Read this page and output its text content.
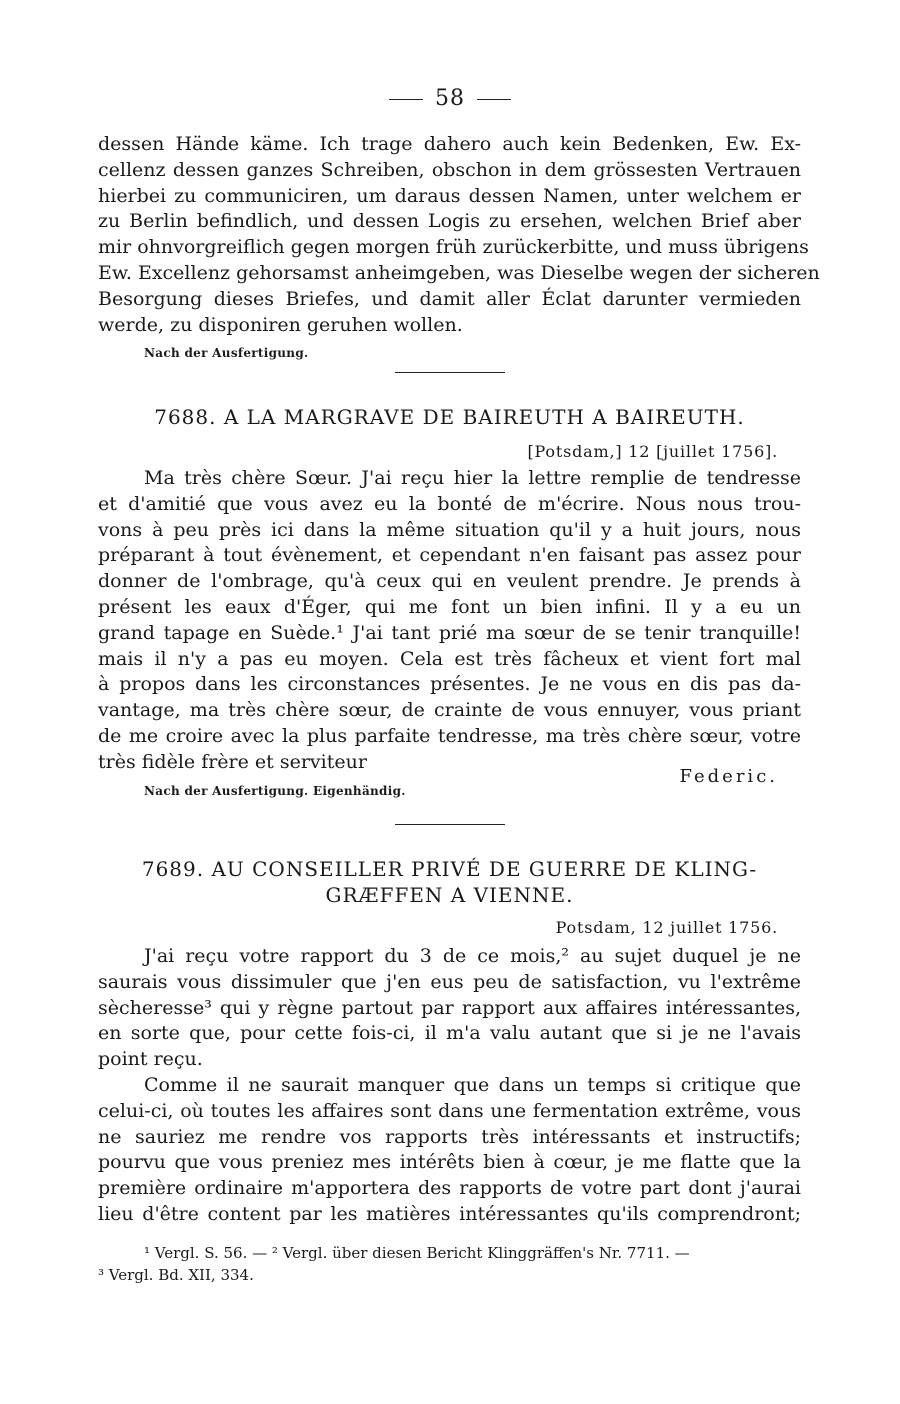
58
dessen Hände käme. Ich trage dahero auch kein Bedenken, Ew. Ex-
cellenz dessen ganzes Schreiben, obschon in dem grössesten Vertrauen
hierbei zu communiciren, um daraus dessen Namen, unter welchem er
zu Berlin befindlich, und dessen Logis zu ersehen, welchen Brief aber
mir ohnvorgreiflich gegen morgen früh zurückerbitte, und muss übrigens
Ew. Excellenz gehorsamst anheimgeben, was Dieselbe wegen der sicheren
Besorgung dieses Briefes, und damit aller Éclat darunter vermieden
werde, zu disponiren geruhen wollen.
Nach der Ausfertigung.
7688. A LA MARGRAVE DE BAIREUTH A BAIREUTH.
[Potsdam,] 12 [juillet 1756].
Ma très chère Sœur. J'ai reçu hier la lettre remplie de tendresse
et d'amitié que vous avez eu la bonté de m'écrire. Nous nous trou-
vons à peu près ici dans la même situation qu'il y a huit jours, nous
préparant à tout évènement, et cependant n'en faisant pas assez pour
donner de l'ombrage, qu'à ceux qui en veulent prendre. Je prends à
présent les eaux d'Éger, qui me font un bien infini. Il y a eu un
grand tapage en Suède.¹ J'ai tant prié ma sœur de se tenir tranquille!
mais il n'y a pas eu moyen. Cela est très fâcheux et vient fort mal
à propos dans les circonstances présentes. Je ne vous en dis pas da-
vantage, ma très chère sœur, de crainte de vous ennuyer, vous priant
de me croire avec la plus parfaite tendresse, ma très chère sœur, votre
très fidèle frère et serviteur
Federic.
Nach der Ausfertigung. Eigenhändig.
7689. AU CONSEILLER PRIVÉ DE GUERRE DE KLING-
GRÆFFEN A VIENNE.
Potsdam, 12 juillet 1756.
J'ai reçu votre rapport du 3 de ce mois,² au sujet duquel je ne
saurais vous dissimuler que j'en eus peu de satisfaction, vu l'extrême
sècheresse³ qui y règne partout par rapport aux affaires intéressantes,
en sorte que, pour cette fois-ci, il m'a valu autant que si je ne l'avais
point reçu.
Comme il ne saurait manquer que dans un temps si critique que
celui-ci, où toutes les affaires sont dans une fermentation extrême, vous
ne sauriez me rendre vos rapports très intéressants et instructifs;
pourvu que vous preniez mes intérêts bien à cœur, je me flatte que la
première ordinaire m'apportera des rapports de votre part dont j'aurai
lieu d'être content par les matières intéressantes qu'ils comprendront;
¹ Vergl. S. 56. — ² Vergl. über diesen Bericht Klinggräffen's Nr. 7711. —
³ Vergl. Bd. XII, 334.
